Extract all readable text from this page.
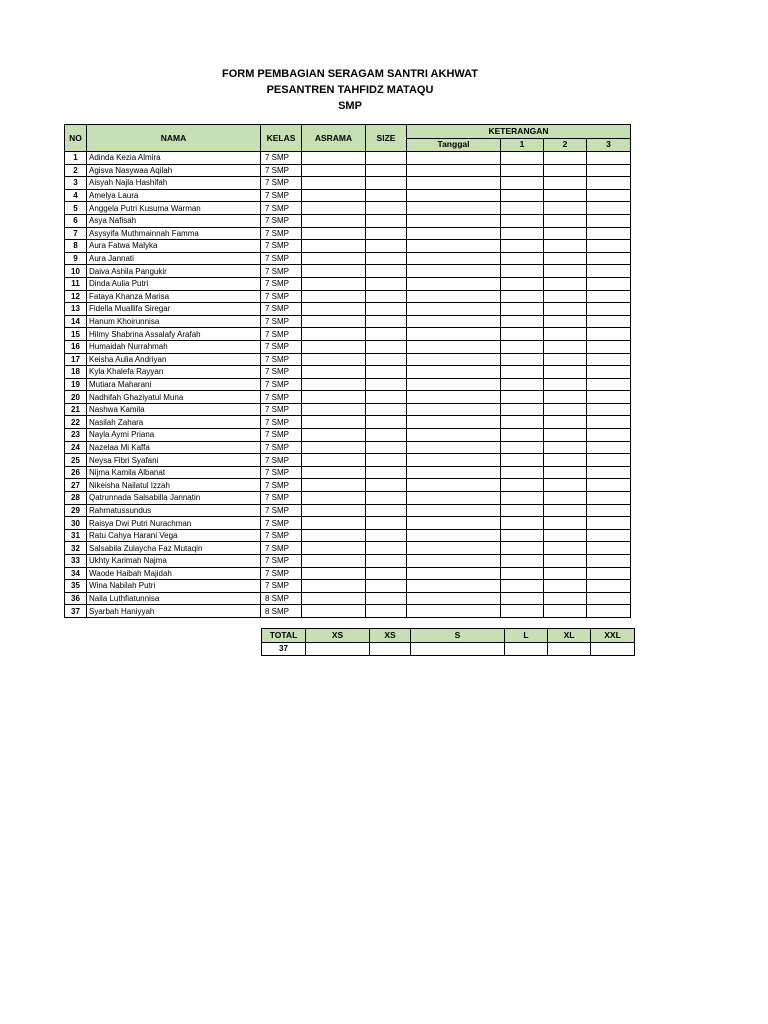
FORM PEMBAGIAN SERAGAM SANTRI AKHWAT
PESANTREN TAHFIDZ MATAQU
SMP
NO	NAMA	KELAS	ASRAMA	SIZE	KETERANGAN			
					Tanggal	1	2	3
1	Adinda Kezia Almira	7 SMP						
2	Agisva Nasywaa Aqilah	7 SMP						
3	Aisyah Najla Hashifah	7 SMP						
4	Amelya Laura	7 SMP						
5	Anggela Putri Kusuma Warman	7 SMP						
6	Asya Nafisah	7 SMP						
7	Asysyifa Muthmainnah Famma	7 SMP						
8	Aura Fatwa Malyka	7 SMP						
9	Aura Jannati	7 SMP						
10	Daiva Ashila Pangukir	7 SMP						
11	Dinda Aulia Putri	7 SMP						
12	Fataya Khanza Marisa	7 SMP						
13	Fidella Muallifa Siregar	7 SMP						
14	Hanum Khoirunnisa	7 SMP						
15	Hilmy Shabrina Assalafy Arafah	7 SMP						
16	Humaidah Nurrahmah	7 SMP						
17	Keisha Aulia Andriyan	7 SMP						
18	Kyla Khalefa Rayyan	7 SMP						
19	Mutiara Maharani	7 SMP						
20	Nadhifah Ghaziyatul Muna	7 SMP						
21	Nashwa Kamila	7 SMP						
22	Nasilah Zahara	7 SMP						
23	Nayla Aymi Priana	7 SMP						
24	Nazelaa Mi Kaffa	7 SMP						
25	Neysa Fibri Syafani	7 SMP						
26	Nijma Kamila Albanat	7 SMP						
27	Nikeisha Nailatul Izzah	7 SMP						
28	Qatrunnada Salsabilla Jannatin	7 SMP						
29	Rahmatussundus	7 SMP						
30	Raisya Dwi Putri Nurachman	7 SMP						
31	Ratu Cahya Harani Vega	7 SMP						
32	Salsabila Zulaycha Faz Mutaqin	7 SMP						
33	Ukhty Karimah Najma	7 SMP						
34	Waode Haibah Majidah	7 SMP						
35	Wina Nabilah Putri	7 SMP						
36	Naila Luthfiatunnisa	8 SMP						
37	Syarbah Haniyyah	8 SMP						
TOTAL	XS	XS	S	L	XL	XXL
37						
